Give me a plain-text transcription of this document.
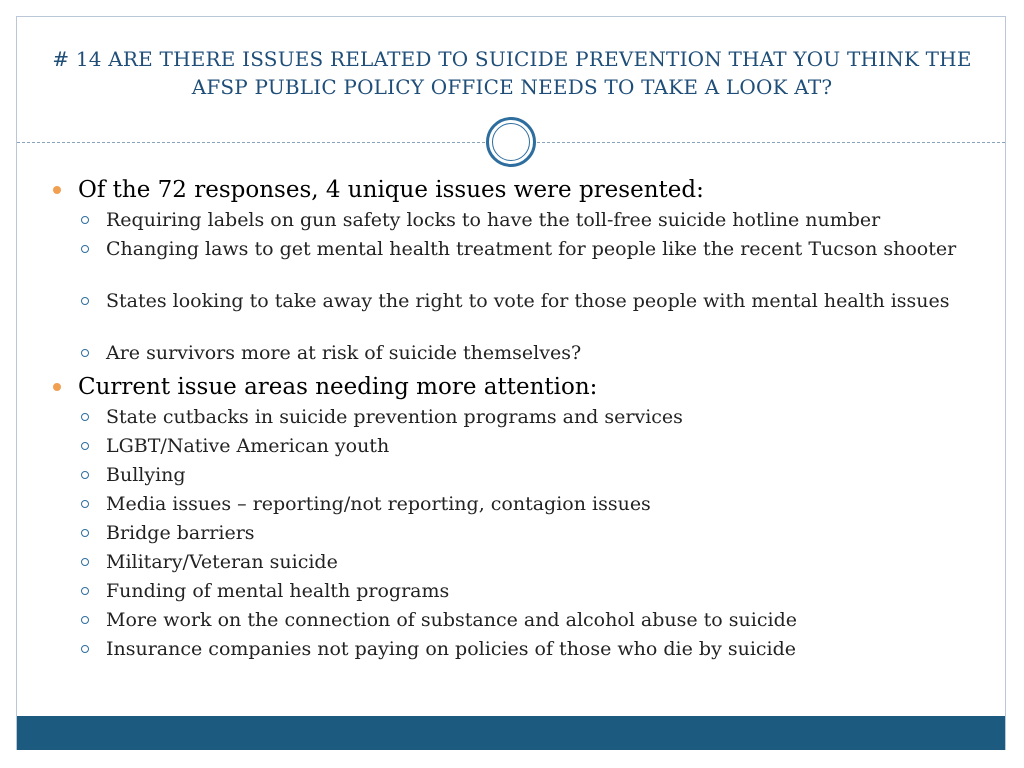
# 14 ARE THERE ISSUES RELATED TO SUICIDE PREVENTION THAT YOU THINK THE AFSP PUBLIC POLICY OFFICE NEEDS TO TAKE A LOOK AT?
Of the 72 responses, 4 unique issues were presented:
Requiring labels on gun safety locks to have the toll-free suicide hotline number
Changing laws to get mental health treatment for people like the recent Tucson shooter
States looking to take away the right to vote for those people with mental health issues
Are survivors more at risk of suicide themselves?
Current issue areas needing more attention:
State cutbacks in suicide prevention programs and services
LGBT/Native American youth
Bullying
Media issues – reporting/not reporting, contagion issues
Bridge barriers
Military/Veteran suicide
Funding of mental health programs
More work on the connection of substance and alcohol abuse to suicide
Insurance companies not paying on policies of those who die by suicide
